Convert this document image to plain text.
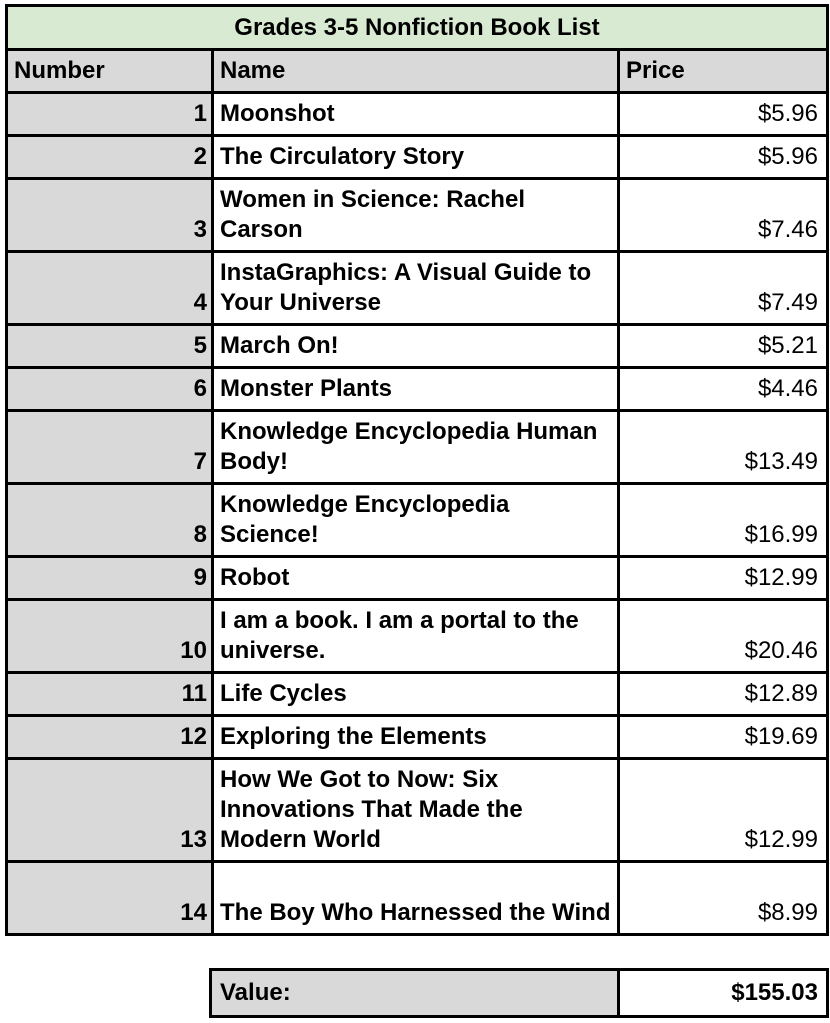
Grades 3-5 Nonfiction Book List		
Number	Name	Price
1	Moonshot	$5.96
2	The Circulatory Story	$5.96
3	Women in Science: Rachel Carson	$7.46
4	InstaGraphics: A Visual Guide to Your Universe	$7.49
5	March On!	$5.21
6	Monster Plants	$4.46
7	Knowledge Encyclopedia Human Body!	$13.49
8	Knowledge Encyclopedia Science!	$16.99
9	Robot	$12.99
10	I am a book. I am a portal to the universe.	$20.46
11	Life Cycles	$12.89
12	Exploring the Elements	$19.69
13	How We Got to Now: Six Innovations That Made the Modern World	$12.99
14	The Boy Who Harnessed the Wind	$8.99
Value:	$155.03
